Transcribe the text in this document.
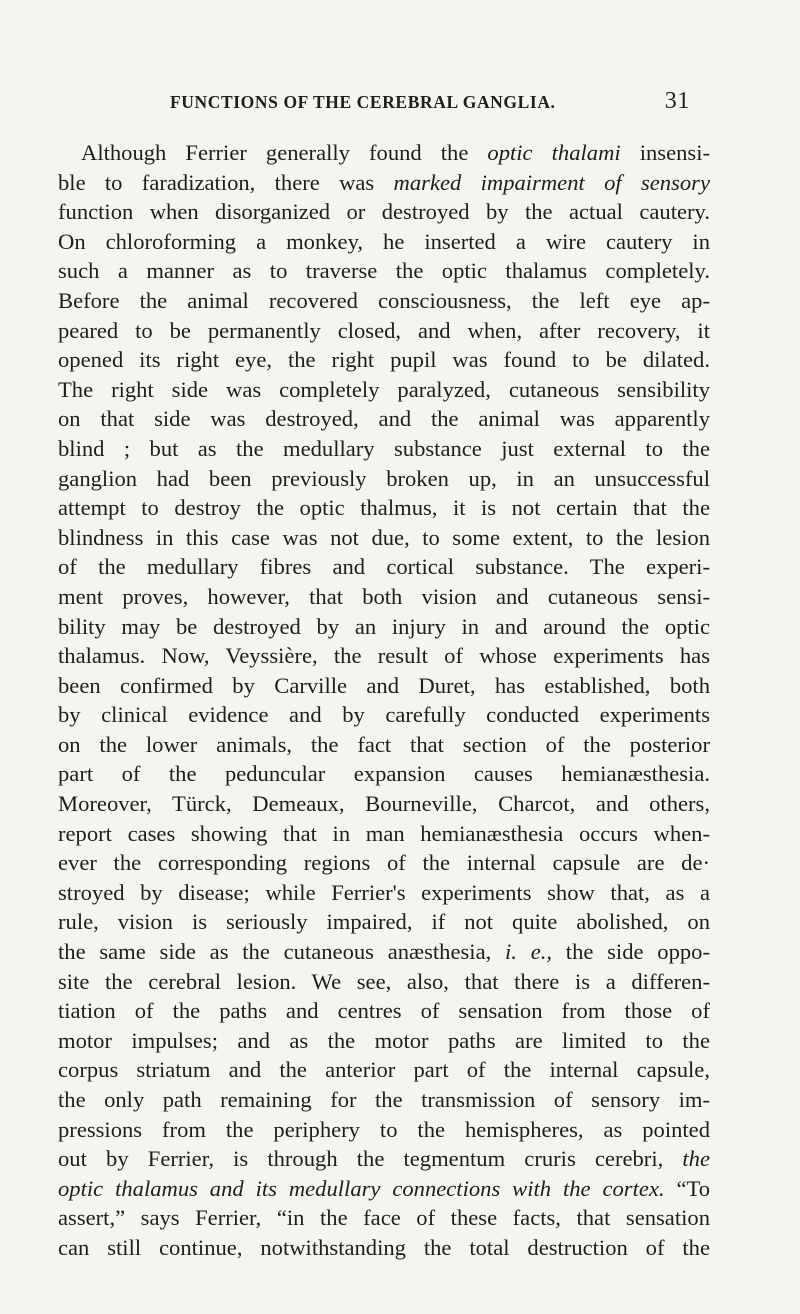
FUNCTIONS OF THE CEREBRAL GANGLIA.	31
Although Ferrier generally found the optic thalami insensi-
ble to faradization, there was marked impairment of sensory
function when disorganized or destroyed by the actual cautery.
On chloroforming a monkey, he inserted a wire cautery in
such a manner as to traverse the optic thalamus completely.
Before the animal recovered consciousness, the left eye ap-
peared to be permanently closed, and when, after recovery, it
opened its right eye, the right pupil was found to be dilated.
The right side was completely paralyzed, cutaneous sensibility
on that side was destroyed, and the animal was apparently
blind ; but as the medullary substance just external to the
ganglion had been previously broken up, in an unsuccessful
attempt to destroy the optic thalmus, it is not certain that the
blindness in this case was not due, to some extent, to the lesion
of the medullary fibres and cortical substance. The experi-
ment proves, however, that both vision and cutaneous sensi-
bility may be destroyed by an injury in and around the optic
thalamus. Now, Veyssière, the result of whose experiments has
been confirmed by Carville and Duret, has established, both
by clinical evidence and by carefully conducted experiments
on the lower animals, the fact that section of the posterior
part of the peduncular expansion causes hemianæsthesia.
Moreover, Türck, Demeaux, Bourneville, Charcot, and others,
report cases showing that in man hemianæsthesia occurs when-
ever the corresponding regions of the internal capsule are de·
stroyed by disease; while Ferrier's experiments show that, as a
rule, vision is seriously impaired, if not quite abolished, on
the same side as the cutaneous anæsthesia, i. e., the side oppo-
site the cerebral lesion. We see, also, that there is a differen-
tiation of the paths and centres of sensation from those of
motor impulses; and as the motor paths are limited to the
corpus striatum and the anterior part of the internal capsule,
the only path remaining for the transmission of sensory im-
pressions from the periphery to the hemispheres, as pointed
out by Ferrier, is through the tegmentum cruris cerebri, the
optic thalamus and its medullary connections with the cortex. “To
assert,” says Ferrier, “in the face of these facts, that sensation
can still continue, notwithstanding the total destruction of the
